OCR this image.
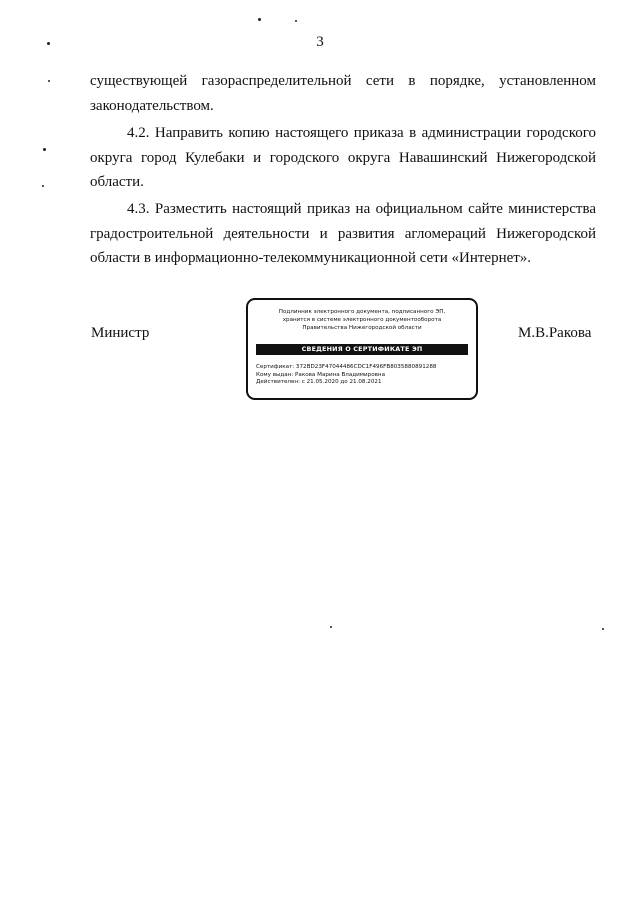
3

существующей газораспределительной сети в порядке, установленном

законодательством.

4.2. Направить копию настоящего приказа в администрации городского

округа город Кулебаки и городского округа Навашинский Нижегородской

области.

4.3. Разместить настоящий приказ на официальном сайте министерства

градостроительной деятельности и развития агломераций Нижегородской

области в информационно-телекоммуникационной сети «Интернет».

Министр	М.В.Ракова
Подлинник электронного документа, подписанного ЭП,
хранится в системе электронного документооборота
Правительства Нижегородской области
СВЕДЕНИЯ О СЕРТИФИКАТЕ ЭП
Сертификат: 372BD23F47044486CDC1F496FB8035880891288
Кому выдан: Ракова Марина Владимировна
Действителен: с 21.05.2020 до 21.08.2021
